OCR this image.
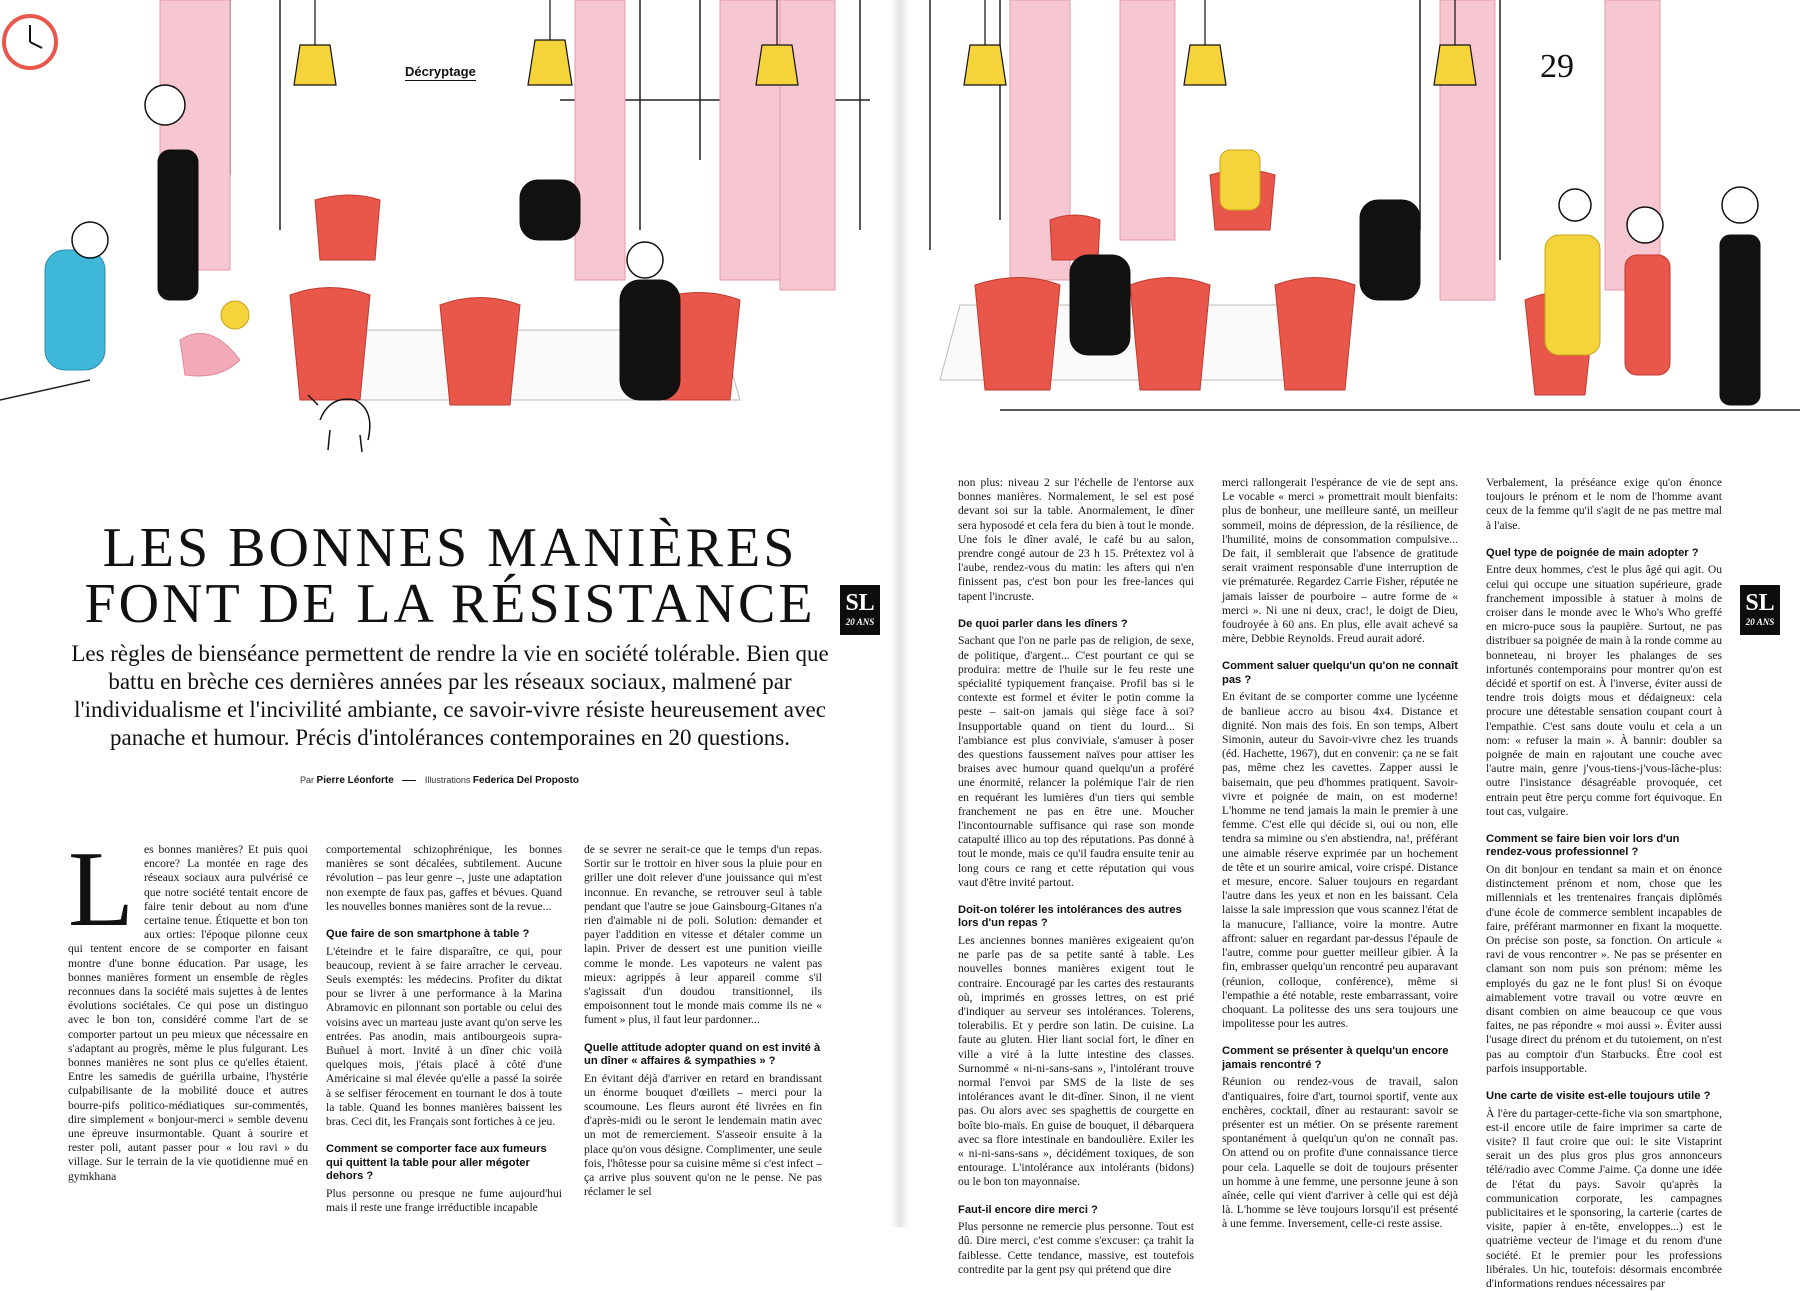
Décryptage	29
LES BONNES MANIÈRES
FONT DE LA RÉSISTANCE

Les règles de bienséance permettent de rendre la vie en société tolérable. Bien que battu en brèche ces dernières années par les réseaux sociaux, malmené par l'individualisme et l'incivilité ambiante, ce savoir-vivre résiste heureusement avec panache et humour. Précis d'intolérances contemporaines en 20 questions.

Par Pierre Léonforte	Illustrations Federica Del Proposto
SL
20 ANS
SL
20 ANS

Les bonnes manières? Et puis quoi encore? La montée en rage des réseaux sociaux aura pulvérisé ce que notre société tentait encore de faire tenir debout au nom d'une certaine tenue. Étiquette et bon ton aux orties: l'époque pilonne ceux qui tentent encore de se comporter en faisant montre d'une bonne éducation. Par usage, les bonnes manières forment un ensemble de règles reconnues dans la société mais sujettes à de lentes évolutions sociétales. Ce qui pose un distinguo avec le bon ton, considéré comme l'art de se comporter partout un peu mieux que nécessaire en s'adaptant au progrès, même le plus fulgurant. Les bonnes manières ne sont plus ce qu'elles étaient. Entre les samedis de guérilla urbaine, l'hystérie culpabilisante de la mobilité douce et autres bourre-pifs politico-médiatiques sur-commentés, dire simplement « bonjour-merci » semble devenu une épreuve insurmontable. Quant à sourire et rester poli, autant passer pour « lou ravi » du village. Sur le terrain de la vie quotidienne mué en gymkhana

comportemental schizophrénique, les bonnes manières se sont décalées, subtilement. Aucune révolution – pas leur genre –, juste une adaptation non exempte de faux pas, gaffes et bévues. Quand les nouvelles bonnes manières sont de la revue...

Que faire de son smartphone à table ?

L'éteindre et le faire disparaître, ce qui, pour beaucoup, revient à se faire arracher le cerveau. Seuls exemptés: les médecins. Profiter du diktat pour se livrer à une performance à la Marina Abramovic en pilonnant son portable ou celui des voisins avec un marteau juste avant qu'on serve les entrées. Pas anodin, mais antibourgeois supra-Buñuel à mort. Invité à un dîner chic voilà quelques mois, j'étais placé à côté d'une Américaine si mal élevée qu'elle a passé la soirée à se selfiser férocement en tournant le dos à toute la table. Quand les bonnes manières baissent les bras. Ceci dit, les Français sont fortiches à ce jeu.

Comment se comporter face aux fumeurs qui quittent la table pour aller mégoter dehors ?

Plus personne ou presque ne fume aujourd'hui mais il reste une frange irréductible incapable

de se sevrer ne serait-ce que le temps d'un repas. Sortir sur le trottoir en hiver sous la pluie pour en griller une doit relever d'une jouissance qui m'est inconnue. En revanche, se retrouver seul à table pendant que l'autre se joue Gainsbourg-Gitanes n'a rien d'aimable ni de poli. Solution: demander et payer l'addition en vitesse et détaler comme un lapin. Priver de dessert est une punition vieille comme le monde. Les vapoteurs ne valent pas mieux: agrippés à leur appareil comme s'il s'agissait d'un doudou transitionnel, ils empoisonnent tout le monde mais comme ils ne « fument » plus, il faut leur pardonner...

Quelle attitude adopter quand on est invité à un dîner « affaires & sympathies » ?

En évitant déjà d'arriver en retard en brandissant un énorme bouquet d'œillets – merci pour la scoumoune. Les fleurs auront été livrées en fin d'après-midi ou le seront le lendemain matin avec un mot de remerciement. S'asseoir ensuite à la place qu'on vous désigne. Complimenter, une seule fois, l'hôtesse pour sa cuisine même si c'est infect – ça arrive plus souvent qu'on ne le pense. Ne pas réclamer le sel

non plus: niveau 2 sur l'échelle de l'entorse aux bonnes manières. Normalement, le sel est posé devant soi sur la table. Anormalement, le dîner sera hyposodé et cela fera du bien à tout le monde. Une fois le dîner avalé, le café bu au salon, prendre congé autour de 23 h 15. Prétextez vol à l'aube, rendez-vous du matin: les afters qui n'en finissent pas, c'est bon pour les free-lances qui tapent l'incruste.

De quoi parler dans les dîners ?

Sachant que l'on ne parle pas de religion, de sexe, de politique, d'argent... C'est pourtant ce qui se produira: mettre de l'huile sur le feu reste une spécialité typiquement française. Profil bas si le contexte est formel et éviter le potin comme la peste – sait-on jamais qui siège face à soi? Insupportable quand on tient du lourd... Si l'ambiance est plus conviviale, s'amuser à poser des questions faussement naïves pour attiser les braises avec humour quand quelqu'un a proféré une énormité, relancer la polémique l'air de rien en requérant les lumières d'un tiers qui semble franchement ne pas en être une. Moucher l'incontournable suffisance qui rase son monde catapulté illico au top des réputations. Pas donné à tout le monde, mais ce qu'il faudra ensuite tenir au long cours ce rang et cette réputation qui vous vaut d'être invité partout.

Doit-on tolérer les intolérances des autres lors d'un repas ?

Les anciennes bonnes manières exigeaient qu'on ne parle pas de sa petite santé à table. Les nouvelles bonnes manières exigent tout le contraire. Encouragé par les cartes des restaurants où, imprimés en grosses lettres, on est prié d'indiquer au serveur ses intolérances. Tolerens, tolerabilis. Et y perdre son latin. De cuisine. La faute au gluten. Hier liant social fort, le dîner en ville a viré à la lutte intestine des classes. Surnommé « ni-ni-sans-sans », l'intolérant trouve normal l'envoi par SMS de la liste de ses intolérances avant le dit-dîner. Sinon, il ne vient pas. Ou alors avec ses spaghettis de courgette en boîte bio-maïs. En guise de bouquet, il débarquera avec sa flore intestinale en bandoulière. Exiler les « ni-ni-sans-sans », décidément toxiques, de son entourage. L'intolérance aux intolérants (bidons) ou le bon ton mayonnaise.

Faut-il encore dire merci ?

Plus personne ne remercie plus personne. Tout est dû. Dire merci, c'est comme s'excuser: ça trahit la faiblesse. Cette tendance, massive, est toutefois contredite par la gent psy qui prétend que dire

merci rallongerait l'espérance de vie de sept ans. Le vocable « merci » promettrait moult bienfaits: plus de bonheur, une meilleure santé, un meilleur sommeil, moins de dépression, de la résilience, de l'humilité, moins de consommation compulsive... De fait, il semblerait que l'absence de gratitude serait vraiment responsable d'une interruption de vie prématurée. Regardez Carrie Fisher, réputée ne jamais laisser de pourboire – autre forme de « merci ». Ni une ni deux, crac!, le doigt de Dieu, foudroyée à 60 ans. En plus, elle avait achevé sa mère, Debbie Reynolds. Freud aurait adoré.

Comment saluer quelqu'un qu'on ne connaît pas ?

En évitant de se comporter comme une lycéenne de banlieue accro au bisou 4x4. Distance et dignité. Non mais des fois. En son temps, Albert Simonin, auteur du Savoir-vivre chez les truands (éd. Hachette, 1967), dut en convenir: ça ne se fait pas, même chez les cavettes. Zapper aussi le baisemain, que peu d'hommes pratiquent. Savoir-vivre et poignée de main, on est moderne! L'homme ne tend jamais la main le premier à une femme. C'est elle qui décide si, oui ou non, elle tendra sa mimine ou s'en abstiendra, na!, préférant une aimable réserve exprimée par un hochement de tête et un sourire amical, voire crispé. Distance et mesure, encore. Saluer toujours en regardant l'autre dans les yeux et non en les baissant. Cela laisse la sale impression que vous scannez l'état de la manucure, l'alliance, voire la montre. Autre affront: saluer en regardant par-dessus l'épaule de l'autre, comme pour guetter meilleur gibier. À la fin, embrasser quelqu'un rencontré peu auparavant (réunion, colloque, conférence), même si l'empathie a été notable, reste embarrassant, voire choquant. La politesse des uns sera toujours une impolitesse pour les autres.

Comment se présenter à quelqu'un encore jamais rencontré ?

Réunion ou rendez-vous de travail, salon d'antiquaires, foire d'art, tournoi sportif, vente aux enchères, cocktail, dîner au restaurant: savoir se présenter est un métier. On se présente rarement spontanément à quelqu'un qu'on ne connaît pas. On attend ou on profite d'une connaissance tierce pour cela. Laquelle se doit de toujours présenter un homme à une femme, une personne jeune à son aînée, celle qui vient d'arriver à celle qui est déjà là. L'homme se lève toujours lorsqu'il est présenté à une femme. Inversement, celle-ci reste assise.

Verbalement, la préséance exige qu'on énonce toujours le prénom et le nom de l'homme avant ceux de la femme qu'il s'agit de ne pas mettre mal à l'aise.

Quel type de poignée de main adopter ?

Entre deux hommes, c'est le plus âgé qui agit. Ou celui qui occupe une situation supérieure, grade franchement impossible à statuer à moins de croiser dans le monde avec le Who's Who greffé en micro-puce sous la paupière. Surtout, ne pas distribuer sa poignée de main à la ronde comme au bonneteau, ni broyer les phalanges de ses infortunés contemporains pour montrer qu'on est décidé et sportif on est. À l'inverse, éviter aussi de tendre trois doigts mous et dédaigneux: cela procure une détestable sensation coupant court à l'empathie. C'est sans doute voulu et cela a un nom: « refuser la main ». À bannir: doubler sa poignée de main en rajoutant une couche avec l'autre main, genre j'vous-tiens-j'vous-lâche-plus: outre l'insistance désagréable provoquée, cet entrain peut être perçu comme fort équivoque. En tout cas, vulgaire.

Comment se faire bien voir lors d'un rendez-vous professionnel ?

On dit bonjour en tendant sa main et on énonce distinctement prénom et nom, chose que les millennials et les trentenaires français diplômés d'une école de commerce semblent incapables de faire, préférant marmonner en fixant la moquette. On précise son poste, sa fonction. On articule « ravi de vous rencontrer ». Ne pas se présenter en clamant son nom puis son prénom: même les employés du gaz ne le font plus! Si on évoque aimablement votre travail ou votre œuvre en disant combien on aime beaucoup ce que vous faites, ne pas répondre « moi aussi ». Éviter aussi l'usage direct du prénom et du tutoiement, on n'est pas au comptoir d'un Starbucks. Être cool est parfois insupportable.

Une carte de visite est-elle toujours utile ?

À l'ère du partager-cette-fiche via son smartphone, est-il encore utile de faire imprimer sa carte de visite? Il faut croire que oui: le site Vistaprint serait un des plus gros plus gros annonceurs télé/radio avec Comme J'aime. Ça donne une idée de l'état du pays. Savoir qu'après la communication corporate, les campagnes publicitaires et le sponsoring, la carterie (cartes de visite, papier à en-tête, enveloppes...) est le quatrième vecteur de l'image et du renom d'une société. Et le premier pour les professions libérales. Un hic, toutefois: désormais encombrée d'informations rendues nécessaires par
